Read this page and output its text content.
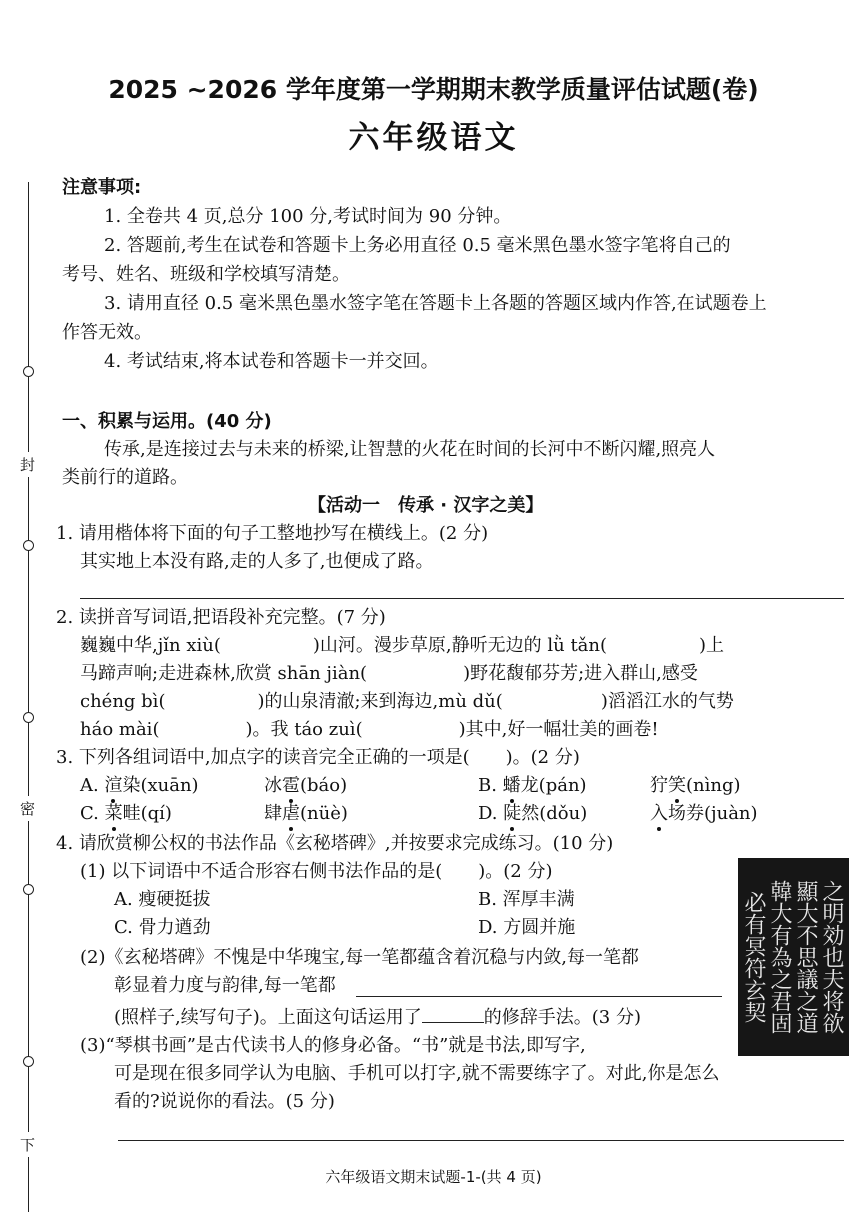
封
密
下
2025 ~2026 学年度第一学期期末教学质量评估试题(卷)
六年级语文
注意事项:
1. 全卷共 4 页,总分 100 分,考试时间为 90 分钟。
2. 答题前,考生在试卷和答题卡上务必用直径 0.5 毫米黑色墨水签字笔将自己的
考号、姓名、班级和学校填写清楚。
3. 请用直径 0.5 毫米黑色墨水签字笔在答题卡上各题的答题区域内作答,在试题卷上
作答无效。
4. 考试结束,将本试卷和答题卡一并交回。
一、积累与运用。(40 分)
传承,是连接过去与未来的桥梁,让智慧的火花在时间的长河中不断闪耀,照亮人
类前行的道路。
【活动一　传承 · 汉字之美】
1. 请用楷体将下面的句子工整地抄写在横线上。(2 分)
其实地上本没有路,走的人多了,也便成了路。
2. 读拼音写词语,把语段补充完整。(7 分)
巍巍中华,jǐn xiù(	)山河。漫步草原,静听无边的 lǜ tǎn(	)上
马蹄声响;走进森林,欣赏 shān jiàn(	)野花馥郁芬芳;进入群山,感受
chéng bì(	)的山泉清澈;来到海边,mù dǔ(	)滔滔江水的气势
háo mài(	)。我 táo zuì(	)其中,好一幅壮美的画卷!
3. 下列各组词语中,加点字的读音完全正确的一项是(　　)。(2 分)
A. 渲染(xuān)	冰雹(báo)	B. 蟠龙(pán)	狞笑(nìng)
C. 菜畦(qí)	肆虐(nüè)	D. 陡然(dǒu)	入场券(juàn)
4. 请欣赏柳公权的书法作品《玄秘塔碑》,并按要求完成练习。(10 分)
(1) 以下词语中不适合形容右侧书法作品的是(　　)。(2 分)
A. 瘦硬挺拔	B. 浑厚丰满
C. 骨力遒劲	D. 方圆并施
(2)《玄秘塔碑》不愧是中华瑰宝,每一笔都蕴含着沉稳与内敛,每一笔都
彰显着力度与韵律,每一笔都
(照样子,续写句子)。上面这句话运用了	的修辞手法。(3 分)
(3)“琴棋书画”是古代读书人的修身必备。“书”就是书法,即写字,
可是现在很多同学认为电脑、手机可以打字,就不需要练字了。对此,你是怎么
看的?说说你的看法。(5 分)
之明効也夫将欲
顯大不思議之道
韓大有為之君固
必有冥符玄契
六年级语文期末试题-1-(共 4 页)
